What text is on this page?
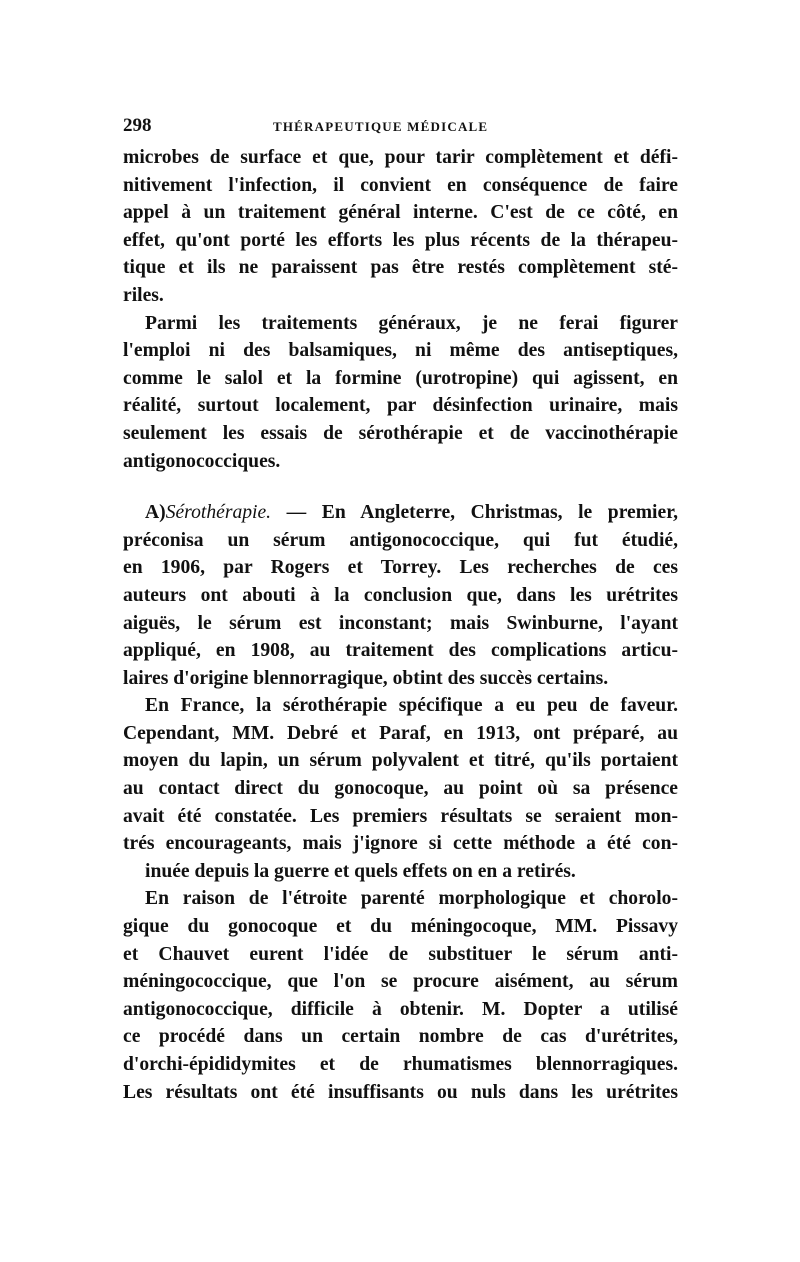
298	THÉRAPEUTIQUE MÉDICALE

microbes de surface et que, pour tarir complètement et défi-
nitivement l'infection, il convient en conséquence de faire
appel à un traitement général interne. C'est de ce côté, en
effet, qu'ont porté les efforts les plus récents de la thérapeu-
tique et ils ne paraissent pas être restés complètement sté-
riles.

Parmi les traitements généraux, je ne ferai figurer
l'emploi ni des balsamiques, ni même des antiseptiques,
comme le salol et la formine (urotropine) qui agissent, en
réalité, surtout localement, par désinfection urinaire, mais
seulement les essais de sérothérapie et de vaccinothérapie
antigonococciques.

A)Sérothérapie. — En Angleterre, Christmas, le premier,
préconisa un sérum antigonococcique, qui fut étudié,
en 1906, par Rogers et Torrey. Les recherches de ces
auteurs ont abouti à la conclusion que, dans les urétrites
aiguës, le sérum est inconstant; mais Swinburne, l'ayant
appliqué, en 1908, au traitement des complications articu-
laires d'origine blennorragique, obtint des succès certains.

En France, la sérothérapie spécifique a eu peu de faveur.
Cependant, MM. Debré et Paraf, en 1913, ont préparé, au
moyen du lapin, un sérum polyvalent et titré, qu'ils portaient
au contact direct du gonocoque, au point où sa présence
avait été constatée. Les premiers résultats se seraient mon-
trés encourageants, mais j'ignore si cette méthode a été con-
inuée depuis la guerre et quels effets on en a retirés.

En raison de l'étroite parenté morphologique et chorolo-
gique du gonocoque et du méningocoque, MM. Pissavy
et Chauvet eurent l'idée de substituer le sérum anti-
méningococcique, que l'on se procure aisément, au sérum
antigonococcique, difficile à obtenir. M. Dopter a utilisé
ce procédé dans un certain nombre de cas d'urétrites,
d'orchi-épididymites et de rhumatismes blennorragiques.
Les résultats ont été insuffisants ou nuls dans les urétrites
